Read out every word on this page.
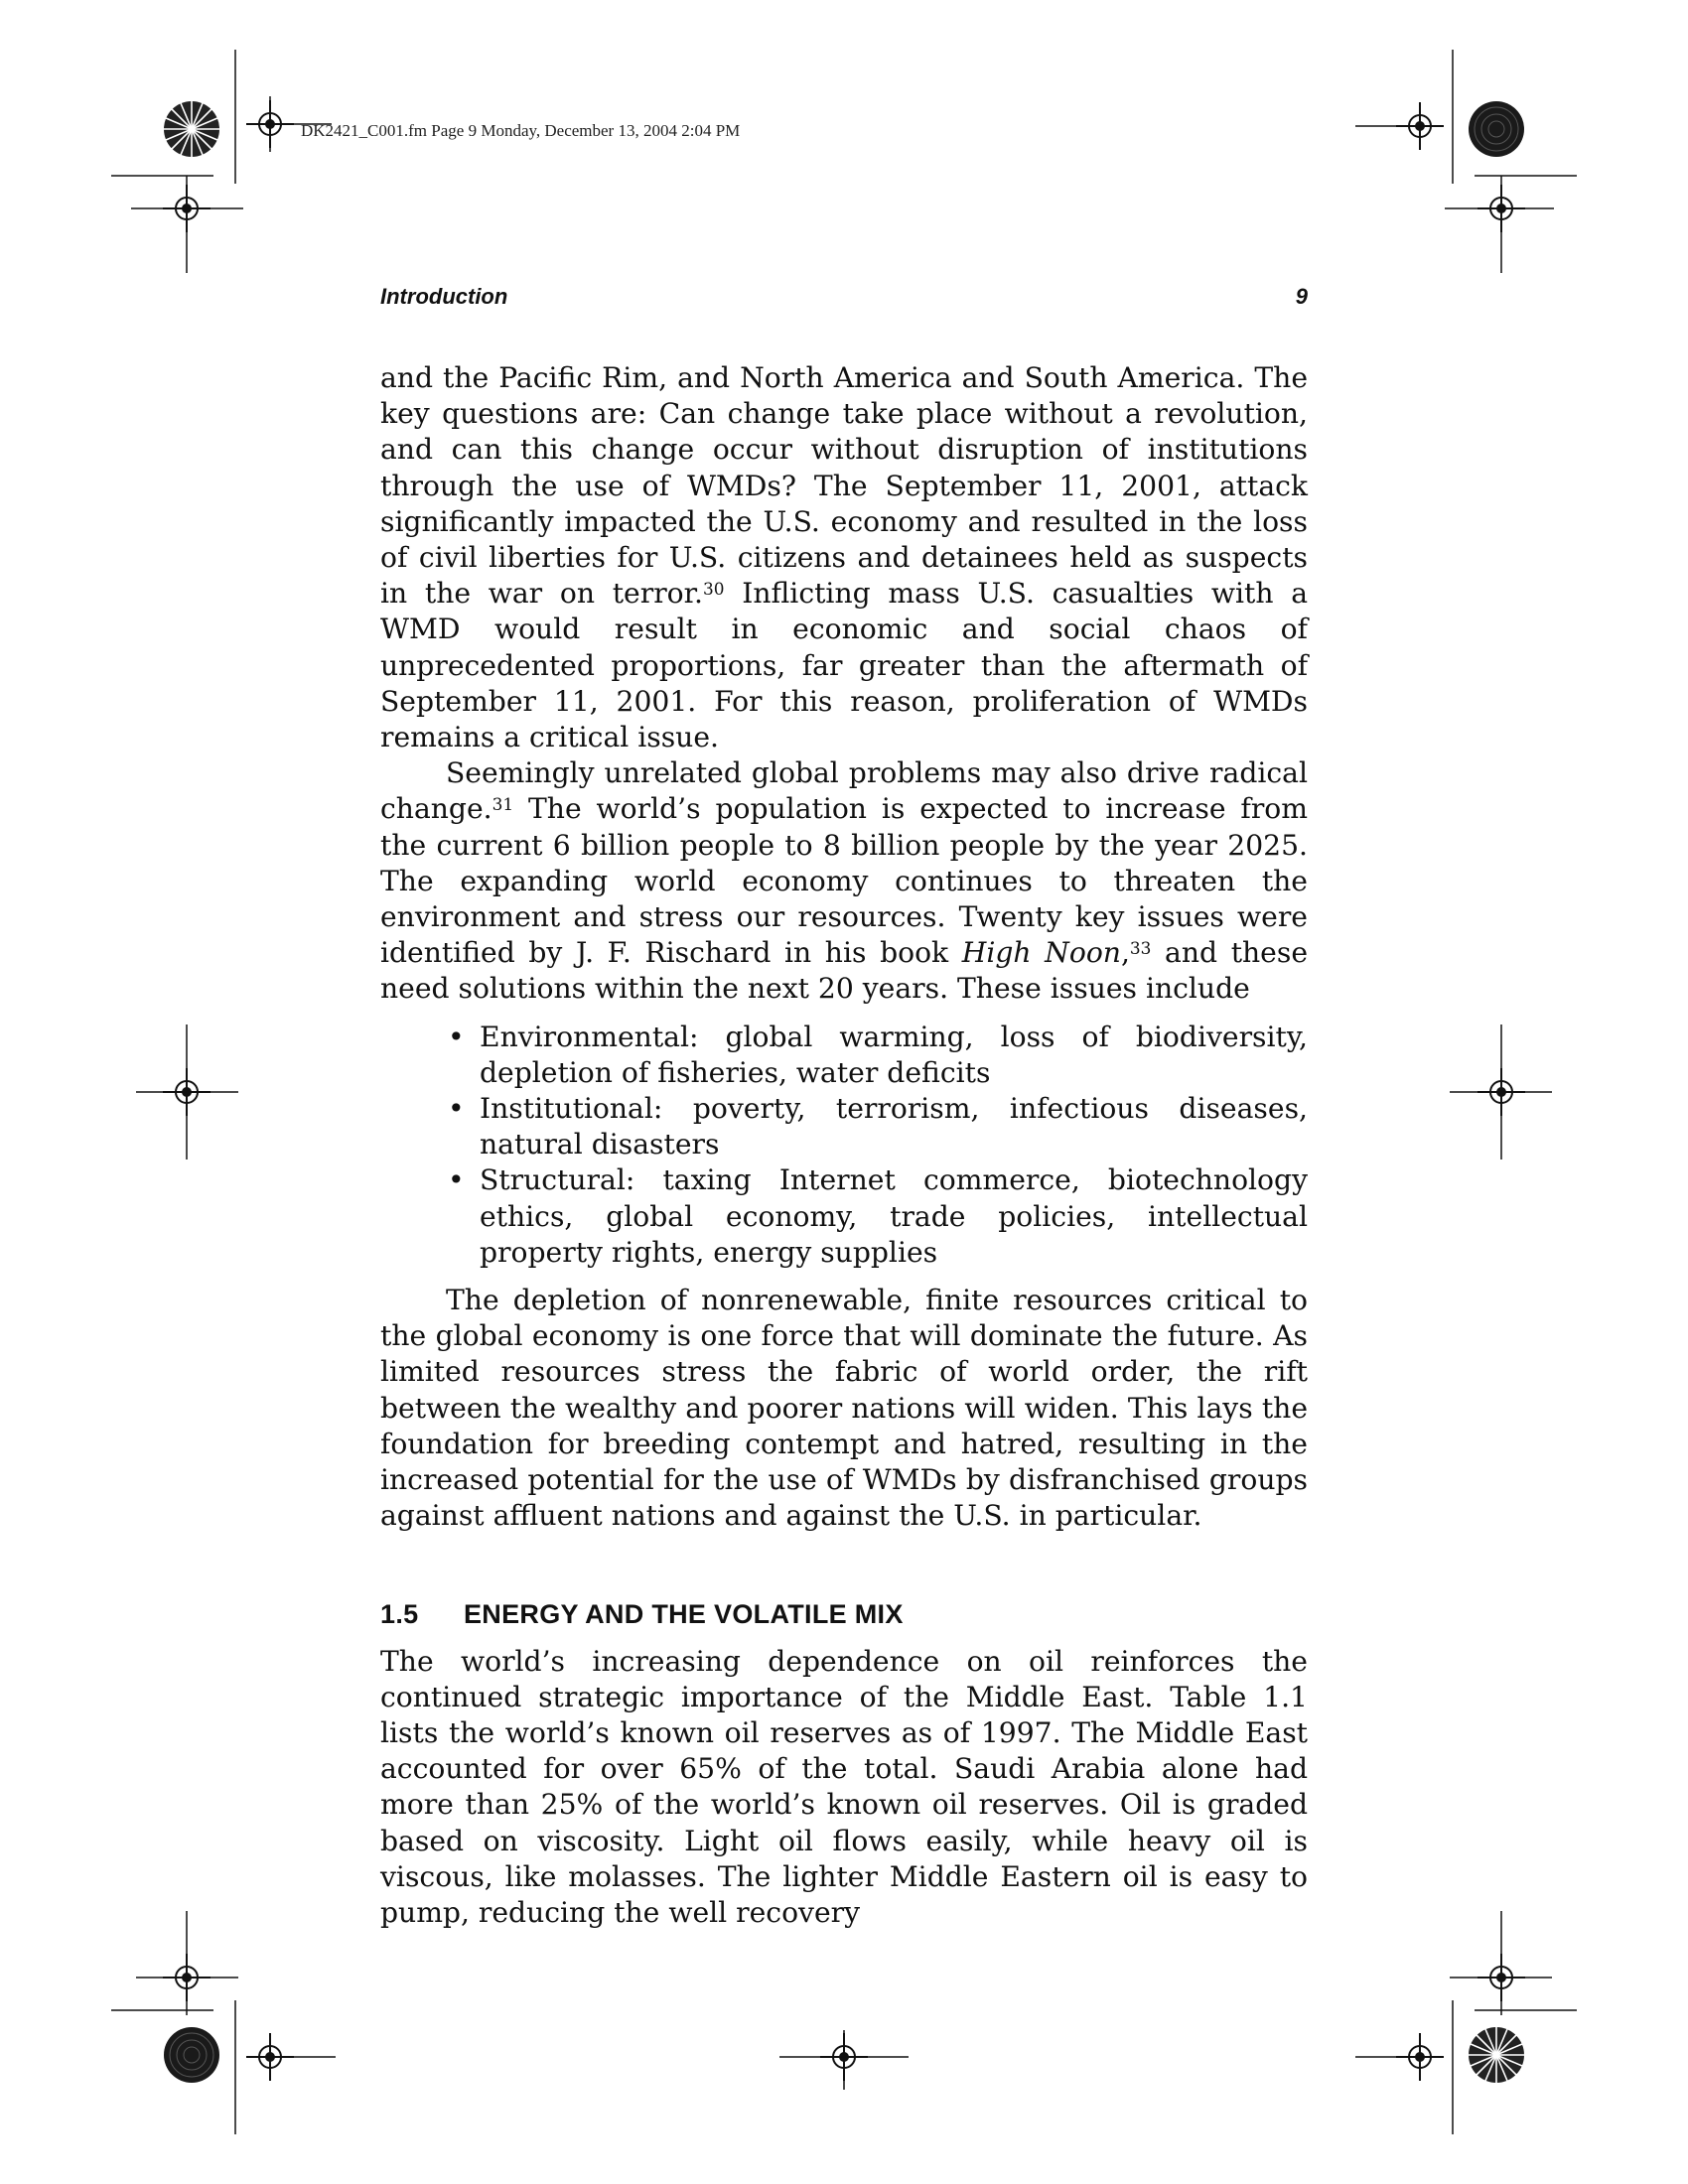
DK2421_C001.fm Page 9 Monday, December 13, 2004 2:04 PM
Introduction	9

and the Pacific Rim, and North America and South America. The key questions are: Can change take place without a revolution, and can this change occur without disruption of institutions through the use of WMDs? The September 11, 2001, attack significantly impacted the U.S. economy and resulted in the loss of civil liberties for U.S. citizens and detainees held as suspects in the war on terror.$^{30}$ Inflicting mass U.S. casualties with a WMD would result in economic and social chaos of unprecedented proportions, far greater than the aftermath of September 11, 2001. For this reason, proliferation of WMDs remains a critical issue.

Seemingly unrelated global problems may also drive radical change.$^{31}$ The world’s population is expected to increase from the current 6 billion people to 8 billion people by the year 2025. The expanding world economy continues to threaten the environment and stress our resources. Twenty key issues were identified by J. F. Rischard in his book High Noon,$^{33}$ and these need solutions within the next 20 years. These issues include

• Environmental: global warming, loss of biodiversity, depletion of fisheries, water deficits
• Institutional: poverty, terrorism, infectious diseases, natural disasters
• Structural: taxing Internet commerce, biotechnology ethics, global economy, trade policies, intellectual property rights, energy supplies

The depletion of nonrenewable, finite resources critical to the global economy is one force that will dominate the future. As limited resources stress the fabric of world order, the rift between the wealthy and poorer nations will widen. This lays the foundation for breeding contempt and hatred, resulting in the increased potential for the use of WMDs by disfranchised groups against affluent nations and against the U.S. in particular.

1.5 ENERGY AND THE VOLATILE MIX

The world’s increasing dependence on oil reinforces the continued strategic importance of the Middle East. Table 1.1 lists the world’s known oil reserves as of 1997. The Middle East accounted for over 65% of the total. Saudi Arabia alone had more than 25% of the world’s known oil reserves. Oil is graded based on viscosity. Light oil flows easily, while heavy oil is viscous, like molasses. The lighter Middle Eastern oil is easy to pump, reducing the well recovery
